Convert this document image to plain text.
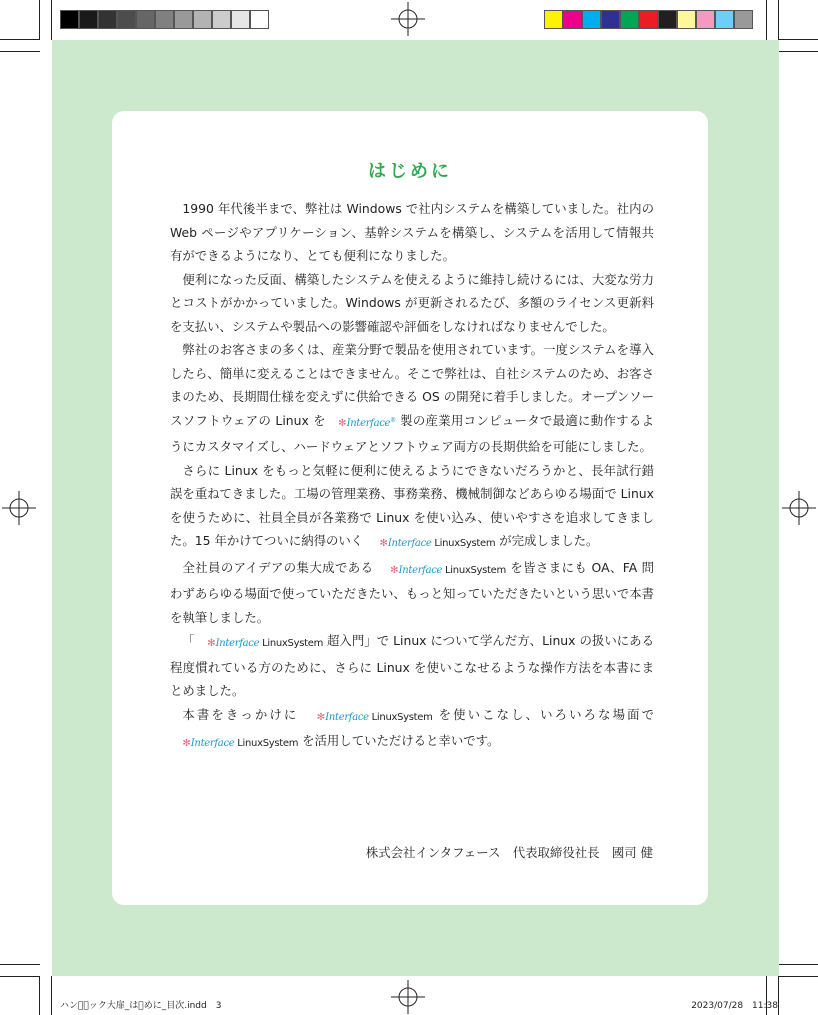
はじめに

1990 年代後半まで、弊社は Windows で社内システムを構築していました。社内の Web ページやアプリケーション、基幹システムを構築し、システムを活用して情報共有ができるようになり、とても便利になりました。

便利になった反面、構築したシステムを使えるように維持し続けるには、大変な労力とコストがかかっていました。Windows が更新されるたび、多額のライセンス更新料を支払い、システムや製品への影響確認や評価をしなければなりませんでした。

弊社のお客さまの多くは、産業分野で製品を使用されています。一度システムを導入したら、簡単に変えることはできません。そこで弊社は、自社システムのため、お客さまのため、長期間仕様を変えずに供給できる OS の開発に着手しました。オープンソースソフトウェアの Linux を ✻Interface® 製の産業用コンピュータで最適に動作するようにカスタマイズし、ハードウェアとソフトウェア両方の長期供給を可能にしました。

さらに Linux をもっと気軽に便利に使えるようにできないだろうかと、長年試行錯誤を重ねてきました。工場の管理業務、事務業務、機械制御などあらゆる場面で Linux を使うために、社員全員が各業務で Linux を使い込み、使いやすさを追求してきました。15 年かけてついに納得のいく ✻Interface LinuxSystem が完成しました。

全社員のアイデアの集大成である ✻Interface LinuxSystem を皆さまにも OA、FA 問わずあらゆる場面で使っていただきたい、もっと知っていただきたいという思いで本書を執筆しました。

「 ✻Interface LinuxSystem 超入門」で Linux について学んだ方、Linux の扱いにある程度慣れている方のために、さらに Linux を使いこなせるような操作方法を本書にまとめました。

本書をきっかけに ✻Interface LinuxSystem を使いこなし、いろいろな場面で ✻Interface LinuxSystem を活用していただけると幸いです。

株式会社インタフェース　代表取締役社長　國司 健
ハン  ック大扉_は めに_目次.indd　3	2023/07/28　11:38
